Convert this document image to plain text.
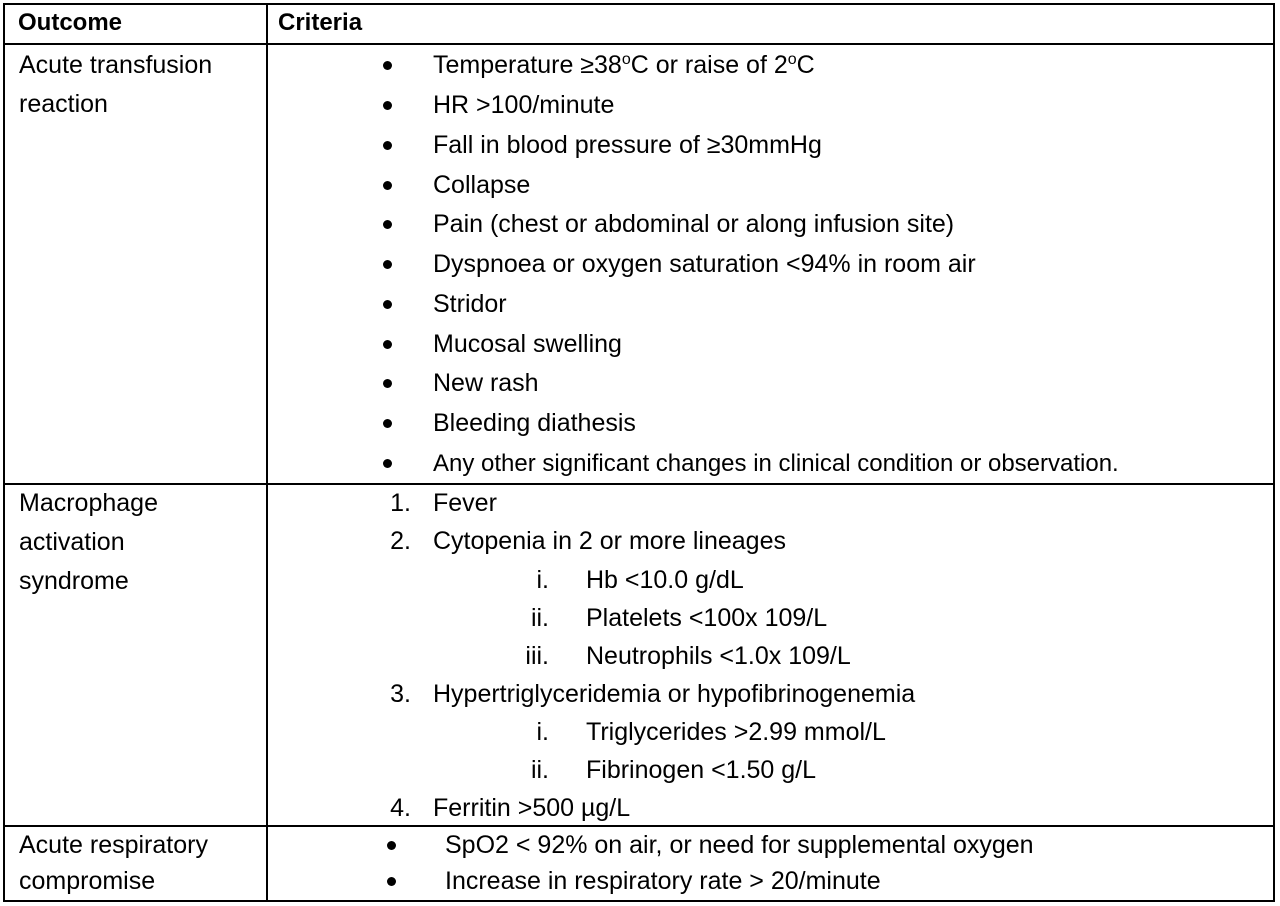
Outcome	Criteria
Acute transfusion reaction
Temperature $\ge 38^oC$ or raise of 2$^o$C
HR >100/minute
Fall in blood pressure of ≥30mmHg
Collapse
Pain (chest or abdominal or along infusion site)
Dyspnoea or oxygen saturation <94% in room air
Stridor
Mucosal swelling
New rash
Bleeding diathesis
Any other significant changes in clinical condition or observation.
Macrophage activation syndrome
1. Fever
2. Cytopenia in 2 or more lineages
i. Hb <10.0 g/dL
ii. Platelets <100x 109/L
iii. Neutrophils <1.0x 109/L
3. Hypertriglyceridemia or hypofibrinogenemia
i. Triglycerides >2.99 mmol/L
ii. Fibrinogen <1.50 g/L
4. Ferritin >500 µg/L
Acute respiratory compromise
SpO2 < 92% on air, or need for supplemental oxygen
Increase in respiratory rate > 20/minute
